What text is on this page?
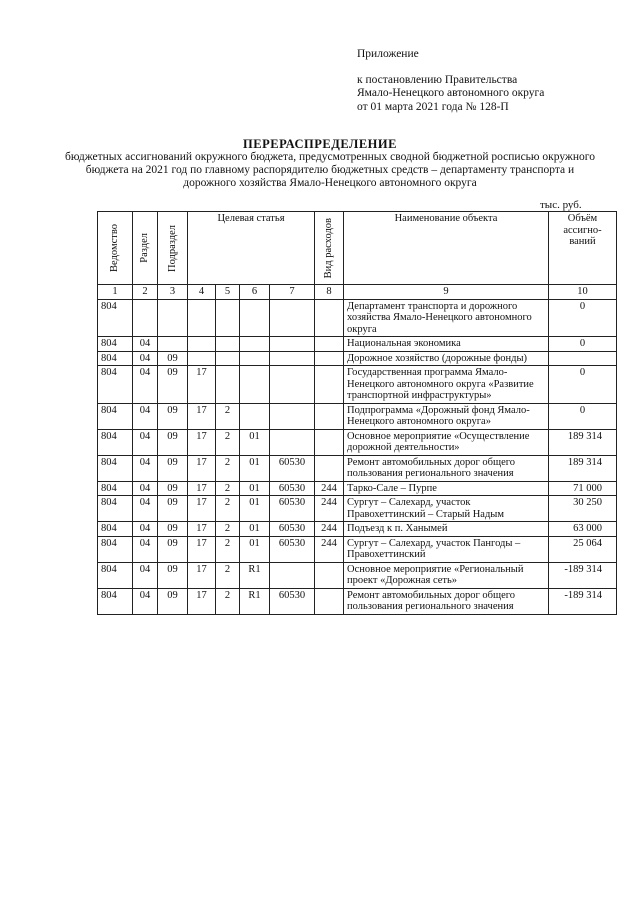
Приложение
к постановлению Правительства
Ямало-Ненецкого автономного округа
от 01 марта 2021 года № 128-П
ПЕРЕРАСПРЕДЕЛЕНИЕ
бюджетных ассигнований окружного бюджета, предусмотренных сводной бюджетной росписью окружного бюджета на 2021 год по главному распорядителю бюджетных средств – департаменту транспорта и дорожного хозяйства Ямало-Ненецкого автономного округа
тыс. руб.
Ведомство	Раздел	Подраздел	Целевая статья				Вид расходов	Наименование объекта	Объём ассигно-ваний
1	2	3	4	5	6	7	8	9	10
804								Департамент транспорта и дорожного хозяйства Ямало-Ненецкого автономного округа	0
804	04							Национальная экономика	0
804	04	09						Дорожное хозяйство (дорожные фонды)	
804	04	09	17					Государственная программа Ямало-Ненецкого автономного округа «Развитие транспортной инфраструктуры»	0
804	04	09	17	2				Подпрограмма «Дорожный фонд Ямало-Ненецкого автономного округа»	0
804	04	09	17	2	01			Основное мероприятие «Осуществление дорожной деятельности»	189 314
804	04	09	17	2	01	60530		Ремонт автомобильных дорог общего пользования регионального значения	189 314
804	04	09	17	2	01	60530	244	Тарко-Сале – Пурпе	71 000
804	04	09	17	2	01	60530	244	Сургут – Салехард, участок Правохеттинский – Старый Надым	30 250
804	04	09	17	2	01	60530	244	Подъезд к п. Ханымей	63 000
804	04	09	17	2	01	60530	244	Сургут – Салехард, участок Пангоды – Правохеттинский	25 064
804	04	09	17	2	R1			Основное мероприятие «Региональный проект «Дорожная сеть»	-189 314
804	04	09	17	2	R1	60530		Ремонт автомобильных дорог общего пользования регионального значения	-189 314
